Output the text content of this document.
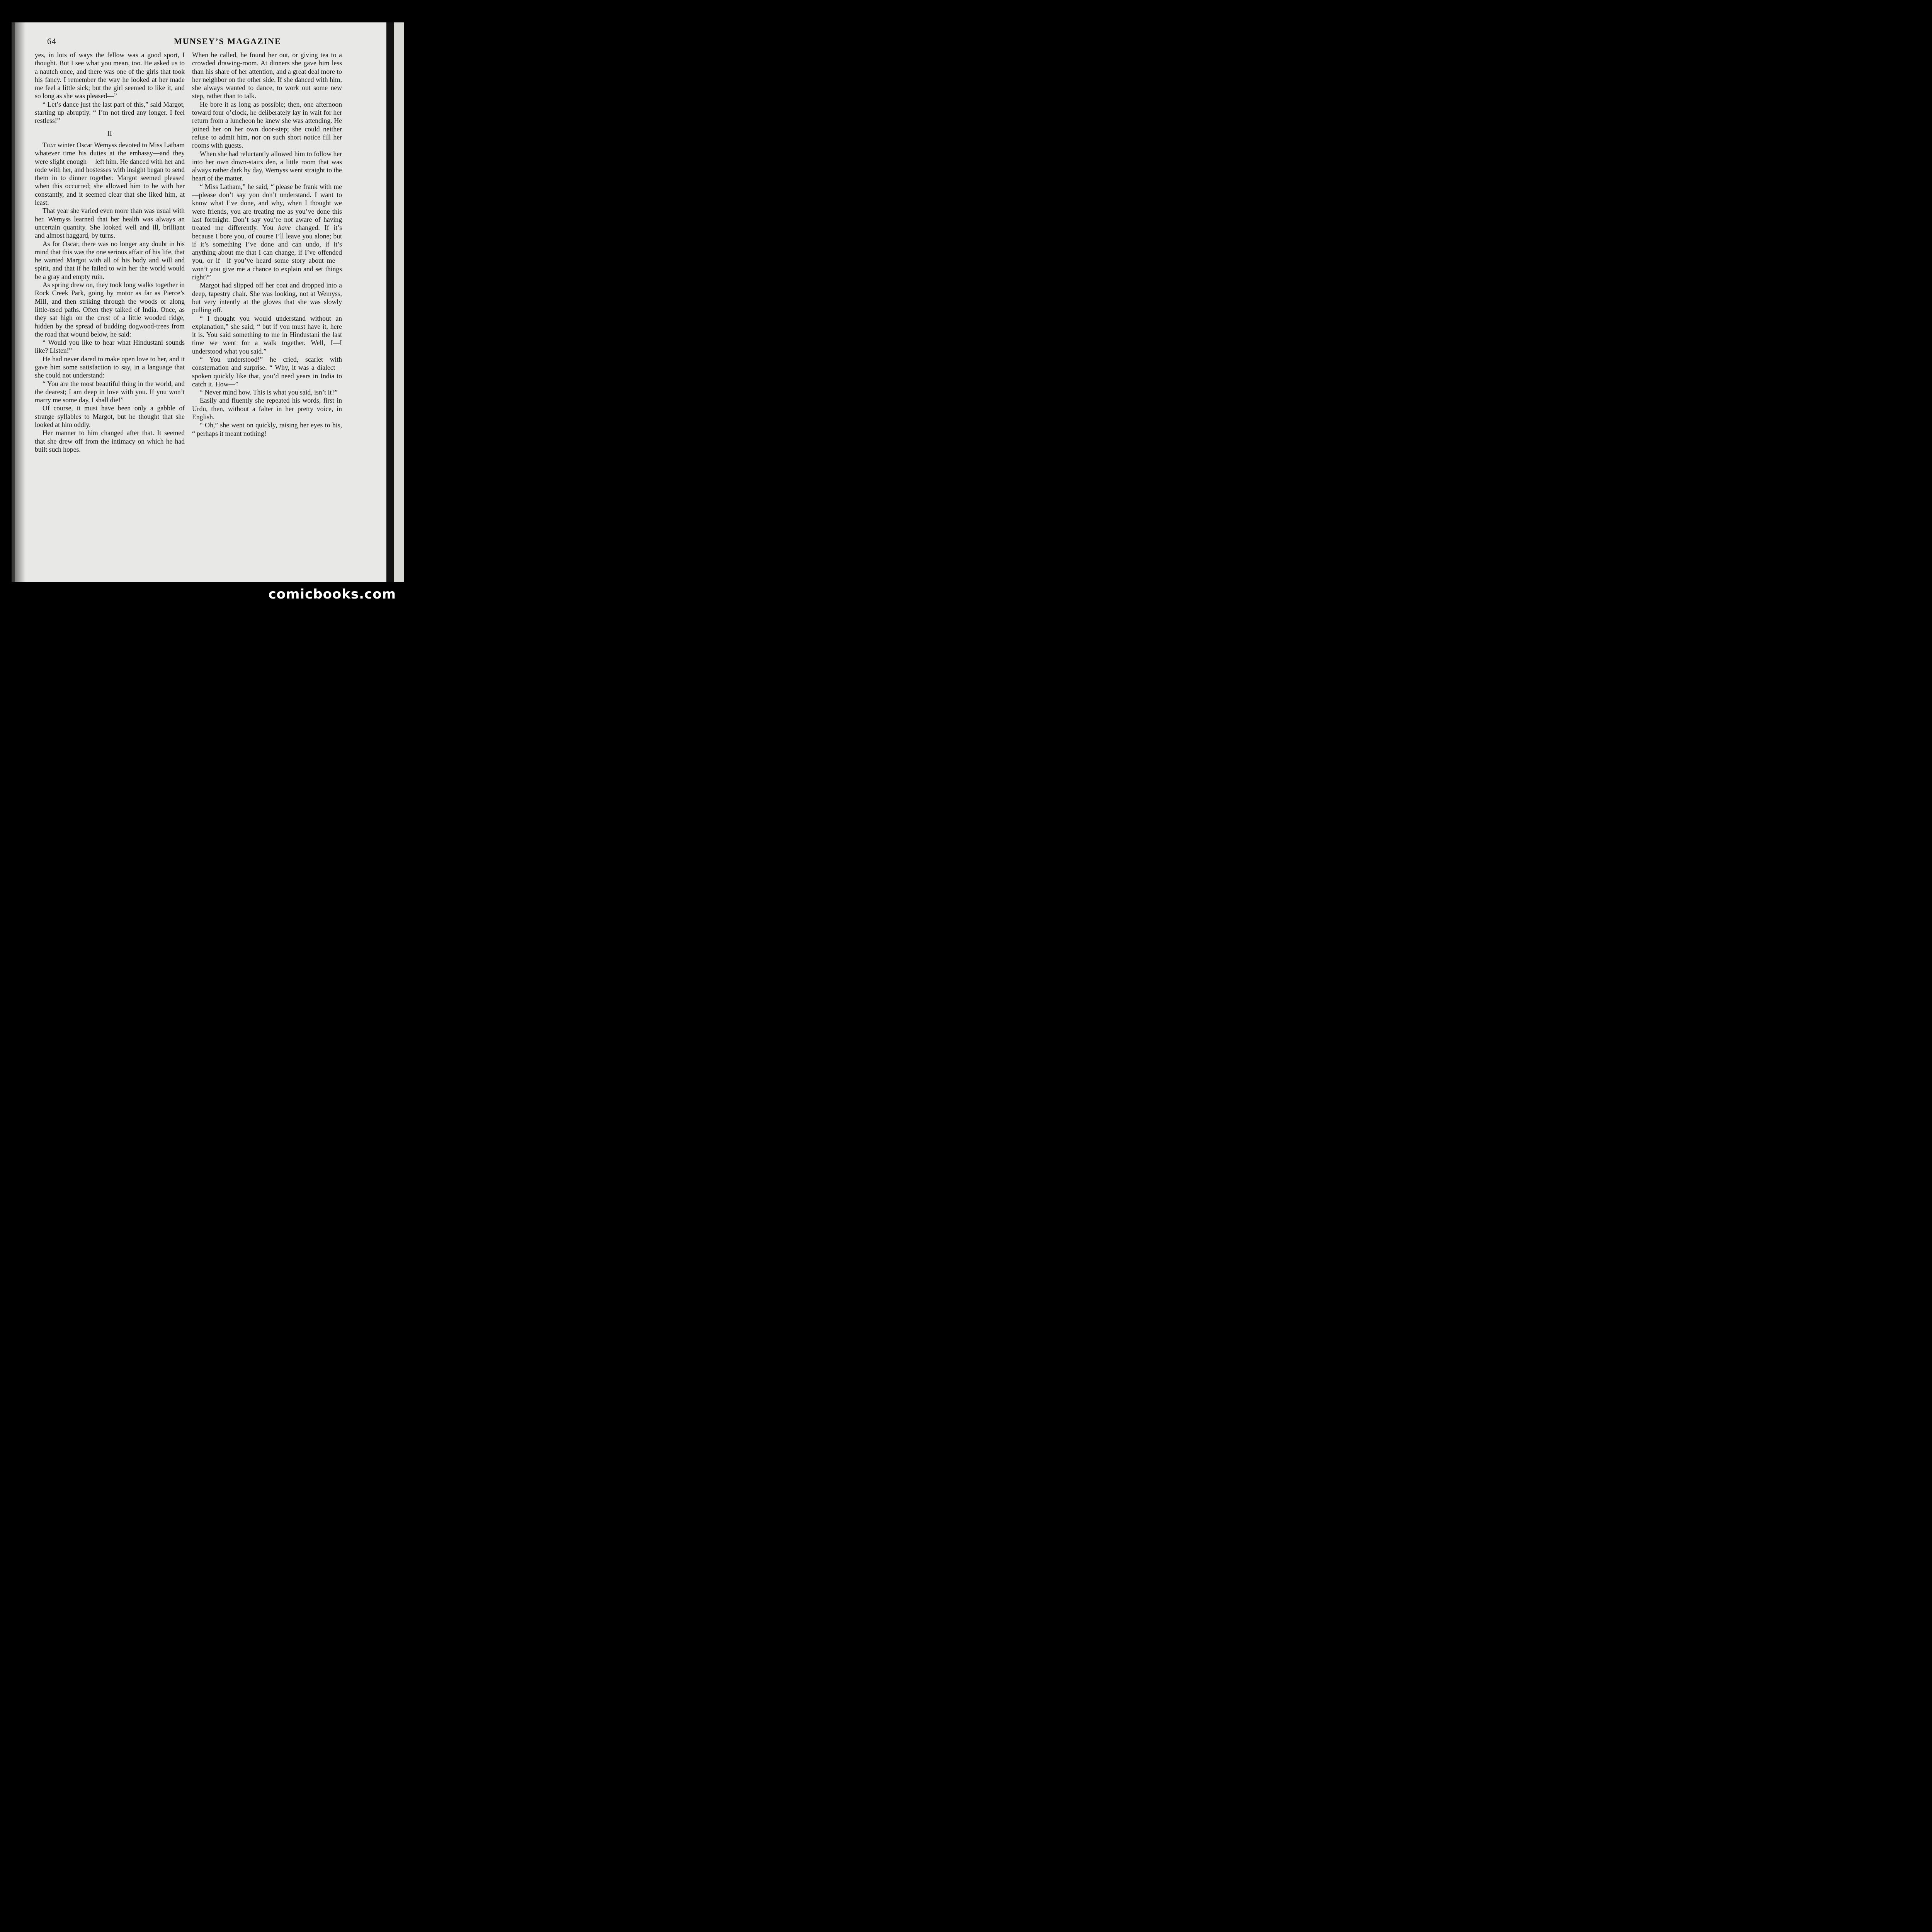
64	MUNSEY’S MAGAZINE

yes, in lots of ways the fellow was a good sport, I thought. But I see what you mean, too. He asked us to a nautch once, and there was one of the girls that took his fancy. I remember the way he looked at her made me feel a little sick; but the girl seemed to like it, and so long as she was pleased—”

“ Let’s dance just the last part of this,” said Margot, starting up abruptly. “ I’m not tired any longer. I feel restless!”

II

That winter Oscar Wemyss devoted to Miss Latham whatever time his duties at the embassy—and they were slight enough —left him. He danced with her and rode with her, and hostesses with insight began to send them in to dinner together. Margot seemed pleased when this occurred; she allowed him to be with her constantly, and it seemed clear that she liked him, at least.

That year she varied even more than was usual with her. Wemyss learned that her health was always an uncertain quantity. She looked well and ill, brilliant and almost haggard, by turns.

As for Oscar, there was no longer any doubt in his mind that this was the one serious affair of his life, that he wanted Margot with all of his body and will and spirit, and that if he failed to win her the world would be a gray and empty ruin.

As spring drew on, they took long walks together in Rock Creek Park, going by motor as far as Pierce’s Mill, and then striking through the woods or along little-used paths. Often they talked of India. Once, as they sat high on the crest of a little wooded ridge, hidden by the spread of budding dogwood-trees from the road that wound below, he said:

“ Would you like to hear what Hindustani sounds like? Listen!”

He had never dared to make open love to her, and it gave him some satisfaction to say, in a language that she could not understand:

“ You are the most beautiful thing in the world, and the dearest; I am deep in love with you. If you won’t marry me some day, I shall die!”

Of course, it must have been only a gabble of strange syllables to Margot, but he thought that she looked at him oddly.

Her manner to him changed after that. It seemed that she drew off from the intimacy on which he had built such hopes.

When he called, he found her out, or giving tea to a crowded drawing-room. At dinners she gave him less than his share of her attention, and a great deal more to her neighbor on the other side. If she danced with him, she always wanted to dance, to work out some new step, rather than to talk.

He bore it as long as possible; then, one afternoon toward four o’clock, he deliberately lay in wait for her return from a luncheon he knew she was attending. He joined her on her own door-step; she could neither refuse to admit him, nor on such short notice fill her rooms with guests.

When she had reluctantly allowed him to follow her into her own down-stairs den, a little room that was always rather dark by day, Wemyss went straight to the heart of the matter.

“ Miss Latham,” he said, “ please be frank with me—please don’t say you don’t understand. I want to know what I’ve done, and why, when I thought we were friends, you are treating me as you’ve done this last fortnight. Don’t say you’re not aware of having treated me differently. You have changed. If it’s because I bore you, of course I’ll leave you alone; but if it’s something I’ve done and can undo, if it’s anything about me that I can change, if I’ve offended you, or if—if you’ve heard some story about me—won’t you give me a chance to explain and set things right?”

Margot had slipped off her coat and dropped into a deep, tapestry chair. She was looking, not at Wemyss, but very intently at the gloves that she was slowly pulling off.

“ I thought you would understand without an explanation,” she said; “ but if you must have it, here it is. You said something to me in Hindustani the last time we went for a walk together. Well, I—I understood what you said.”

“ You understood!” he cried, scarlet with consternation and surprise. “ Why, it was a dialect—spoken quickly like that, you’d need years in India to catch it. How—”

“ Never mind how. This is what you said, isn’t it?”

Easily and fluently she repeated his words, first in Urdu, then, without a falter in her pretty voice, in English.

“ Oh,” she went on quickly, raising her eyes to his, “ perhaps it meant nothing!

comicbooks.com
